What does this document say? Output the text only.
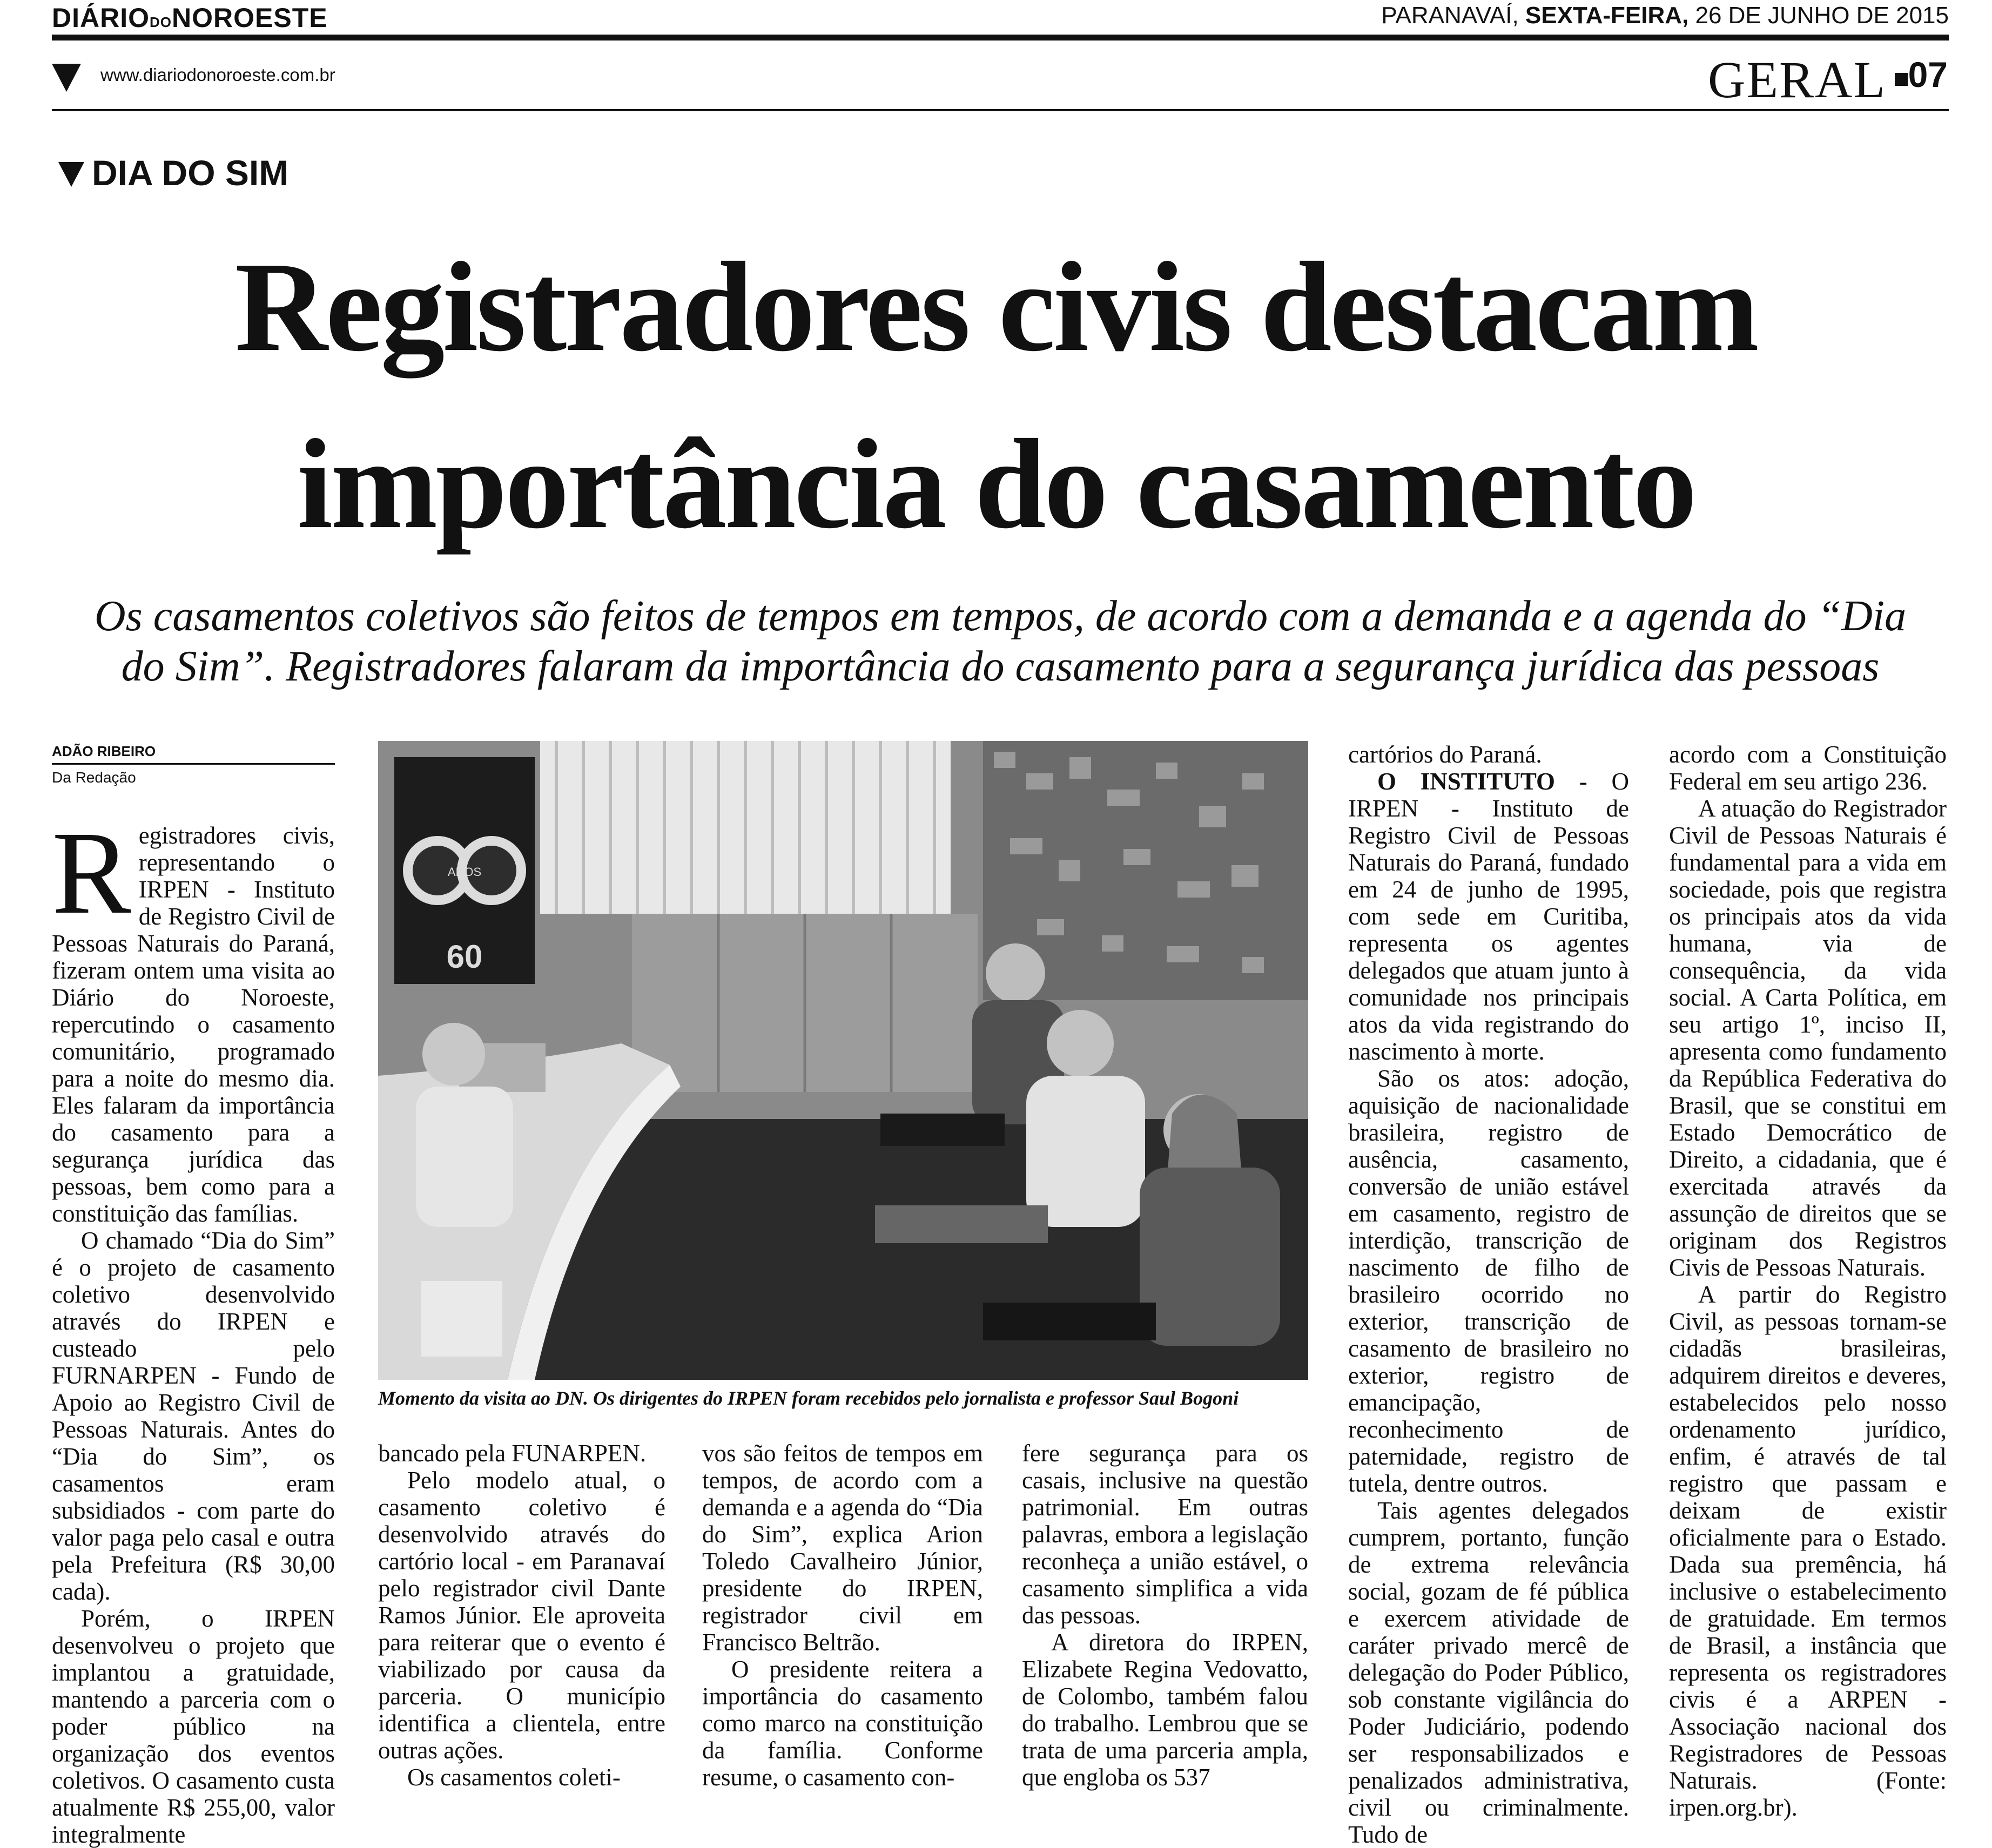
DIÁRIODONOROESTE	PARANAVAÍ, SEXTA-FEIRA, 26 DE JUNHO DE 2015
www.diariodonoroeste.com.br	GERAL 07
DIA DO SIM
Registradores civis destacam
importância do casamento
Os casamentos coletivos são feitos de tempos em tempos, de acordo com a demanda e a agenda do “Dia
do Sim”. Registradores falaram da importância do casamento para a segurança jurídica das pessoas
ADÃO RIBEIRO
Da Redação

Registradores civis, representando o IRPEN - Instituto de Registro Civil de Pessoas Naturais do Paraná, fizeram ontem uma visita ao Diário do Noroeste, repercutindo o casamento comunitário, programado para a noite do mesmo dia. Eles falaram da importância do casamento para a segurança jurídica das pessoas, bem como para a constituição das famílias.

O chamado “Dia do Sim” é o projeto de casamento coletivo desenvolvido através do IRPEN e custeado pelo FURNARPEN - Fundo de Apoio ao Registro Civil de Pessoas Naturais. Antes do “Dia do Sim”, os casamentos eram subsidiados - com parte do valor paga pelo casal e outra pela Prefeitura (R$ 30,00 cada).

Porém, o IRPEN desenvolveu o projeto que implantou a gratuidade, mantendo a parceria com o poder público na organização dos eventos coletivos. O casamento custa atualmente R$ 255,00, valor integralmente

60
ANOS
Momento da visita ao DN. Os dirigentes do IRPEN foram recebidos pelo jornalista e professor Saul Bogoni

bancado pela FUNARPEN.

Pelo modelo atual, o casamento coletivo é desenvolvido através do cartório local - em Paranavaí pelo registrador civil Dante Ramos Júnior. Ele aproveita para reiterar que o evento é viabilizado por causa da parceria. O município identifica a clientela, entre outras ações.

Os casamentos coleti-

vos são feitos de tempos em tempos, de acordo com a demanda e a agenda do “Dia do Sim”, explica Arion Toledo Cavalheiro Júnior, presidente do IRPEN, registrador civil em Francisco Beltrão.

O presidente reitera a importância do casamento como marco na constituição da família. Conforme resume, o casamento con-

fere segurança para os casais, inclusive na questão patrimonial. Em outras palavras, embora a legislação reconheça a união estável, o casamento simplifica a vida das pessoas.

A diretora do IRPEN, Elizabete Regina Vedovatto, de Colombo, também falou do trabalho. Lembrou que se trata de uma parceria ampla, que engloba os 537

cartórios do Paraná.

O INSTITUTO - O IRPEN - Instituto de Registro Civil de Pessoas Naturais do Paraná, fundado em 24 de junho de 1995, com sede em Curitiba, representa os agentes delegados que atuam junto à comunidade nos principais atos da vida registrando do nascimento à morte.

São os atos: adoção, aquisição de nacionalidade brasileira, registro de ausência, casamento, conversão de união estável em casamento, registro de interdição, transcrição de nascimento de filho de brasileiro ocorrido no exterior, transcrição de casamento de brasileiro no exterior, registro de emancipação, reconhecimento de paternidade, registro de tutela, dentre outros.

Tais agentes delegados cumprem, portanto, função de extrema relevância social, gozam de fé pública e exercem atividade de caráter privado mercê de delegação do Poder Público, sob constante vigilância do Poder Judiciário, podendo ser responsabilizados e penalizados administrativa, civil ou criminalmente. Tudo de

acordo com a Constituição Federal em seu artigo 236.

A atuação do Registrador Civil de Pessoas Naturais é fundamental para a vida em sociedade, pois que registra os principais atos da vida humana, via de consequência, da vida social. A Carta Política, em seu artigo 1º, inciso II, apresenta como fundamento da República Federativa do Brasil, que se constitui em Estado Democrático de Direito, a cidadania, que é exercitada através da assunção de direitos que se originam dos Registros Civis de Pessoas Naturais.

A partir do Registro Civil, as pessoas tornam-se cidadãs brasileiras, adquirem direitos e deveres, estabelecidos pelo nosso ordenamento jurídico, enfim, é através de tal registro que passam e deixam de existir oficialmente para o Estado. Dada sua premência, há inclusive o estabelecimento de gratuidade. Em termos de Brasil, a instância que representa os registradores civis é a ARPEN - Associação nacional dos Registradores de Pessoas Naturais. (Fonte: irpen.org.br).
